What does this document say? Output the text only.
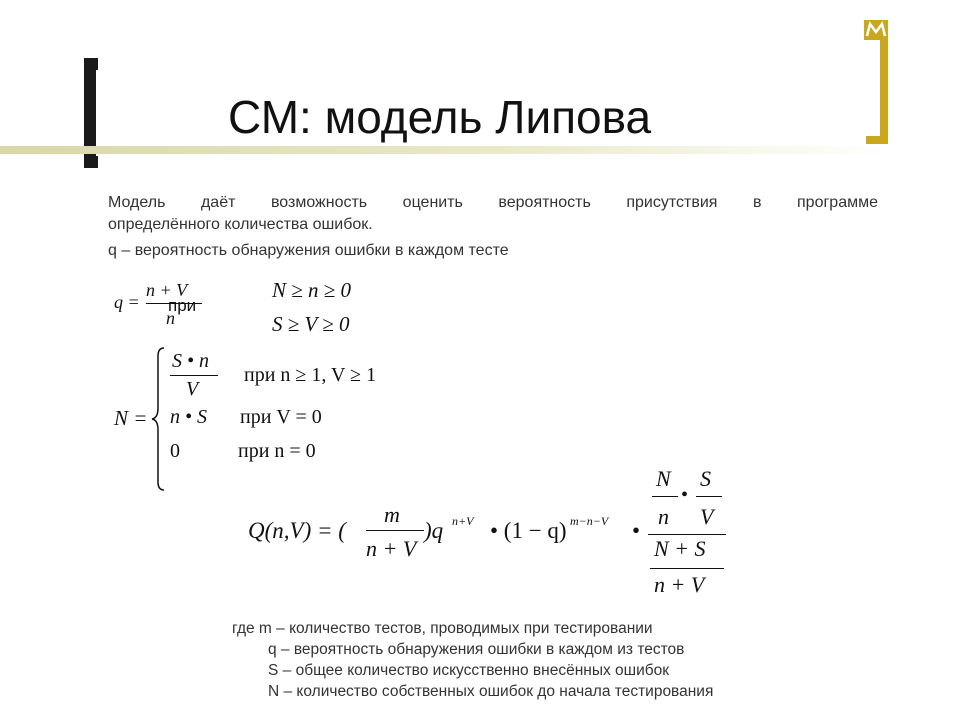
СМ: модель Липова
Модель даёт возможность оценить вероятность присутствия в программе
определённого количества ошибок.
q – вероятность обнаружения ошибки в каждом тесте
q =
n + V
n
при
N ≥ n ≥ 0
S ≥ V ≥ 0
N =
S • n
V
при n ≥ 1, V ≥ 1
n • S при V = 0
0	при n = 0
Q(n,V) = (
m
n + V
)q n+V • (1 − q) m−n−V •
N
n
•
S
V
N + S
n + V
где m – количество тестов, проводимых при тестировании
q – вероятность обнаружения ошибки в каждом из тестов
S – общее количество искусственно внесённых ошибок
N – количество собственных ошибок до начала тестирования
